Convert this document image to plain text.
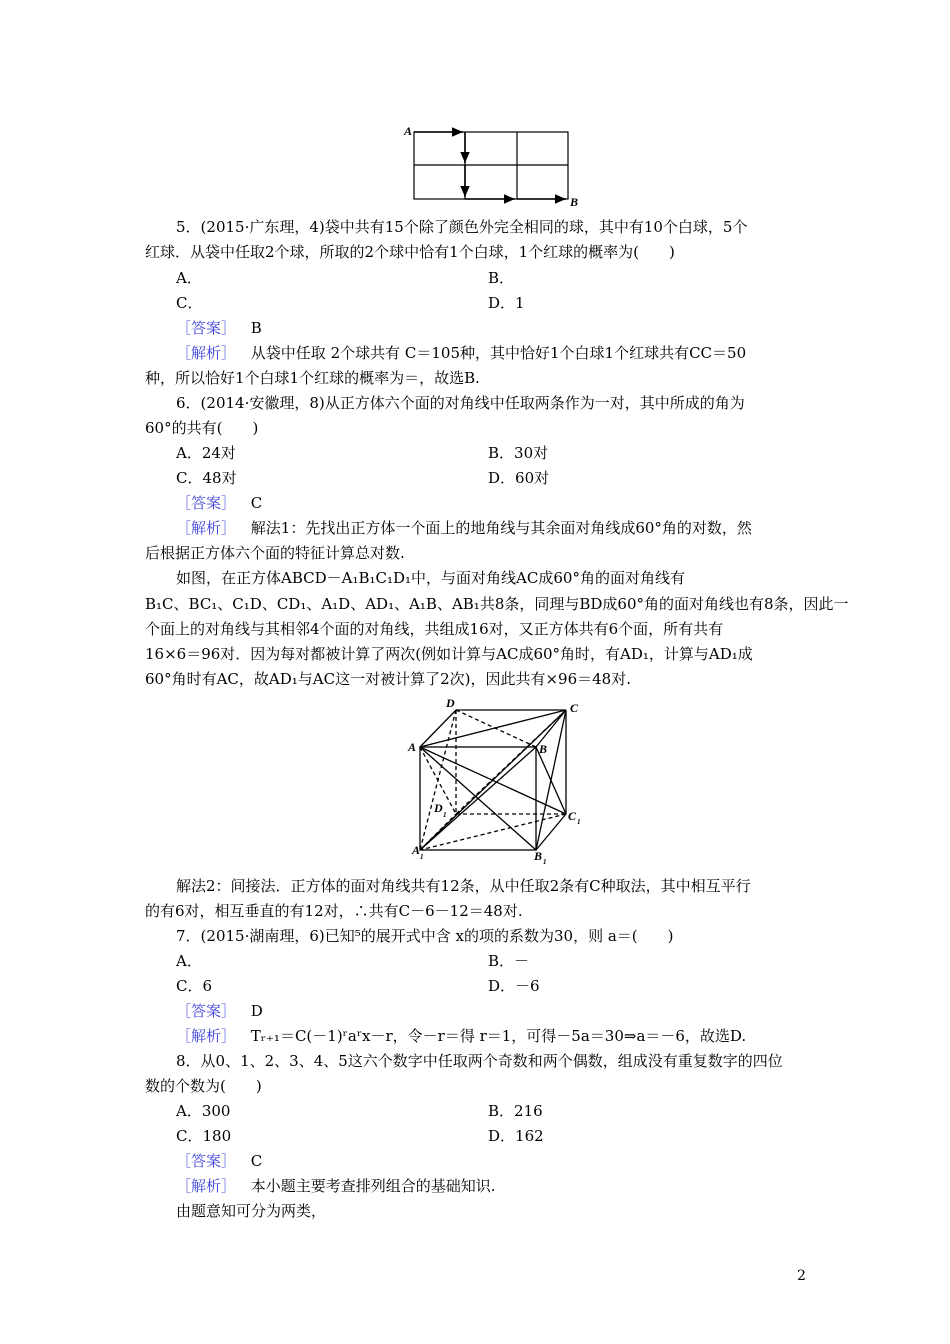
A
B
5．(2015·广东理，4)袋中共有15个除了颜色外完全相同的球，其中有10个白球，5个
红球．从袋中任取2个球，所取的2个球中恰有1个白球，1个红球的概率为(　　)
A．	B．
C．	D．1
［答案］ B
［解析］ 从袋中任取 2个球共有 C＝105种，其中恰好1个白球1个红球共有CC＝50
种，所以恰好1个白球1个红球的概率为＝，故选B.
6．(2014·安徽理，8)从正方体六个面的对角线中任取两条作为一对，其中所成的角为
60°的共有(　　)
A．24对	B．30对
C．48对	D．60对
［答案］ C
［解析］ 解法1：先找出正方体一个面上的地角线与其余面对角线成60°角的对数，然
后根据正方体六个面的特征计算总对数.
如图，在正方体ABCD－A₁B₁C₁D₁中，与面对角线AC成60°角的面对角线有
B₁C、BC₁、C₁D、CD₁、A₁D、AD₁、A₁B、AB₁共8条，同理与BD成60°角的面对角线也有8条，因此一
个面上的对角线与其相邻4个面的对角线，共组成16对，又正方体共有6个面，所有共有
16×6＝96对．因为每对都被计算了两次(例如计算与AC成60°角时，有AD₁，计算与AD₁成
60°角时有AC，故AD₁与AC这一对被计算了2次)，因此共有×96＝48对.
D	C
A	B
D 1	C 1
A 1	B 1
解法2：间接法．正方体的面对角线共有12条，从中任取2条有C种取法，其中相互平行
的有6对，相互垂直的有12对，∴共有C－6－12＝48对.
7．(2015·湖南理，6)已知⁵的展开式中含 x的项的系数为30，则 a＝(　　)
A．	B．－
C．6	D．－6
［答案］ D
［解析］ Tᵣ₊₁＝C(－1)ʳaʳx－r，令－r＝得 r＝1，可得－5a＝30⇒a＝－6，故选D.
8．从0、1、2、3、4、5这六个数字中任取两个奇数和两个偶数，组成没有重复数字的四位
数的个数为(　　)
A．300	B．216
C．180	D．162
［答案］ C
［解析］ 本小题主要考查排列组合的基础知识.
由题意知可分为两类，
2
